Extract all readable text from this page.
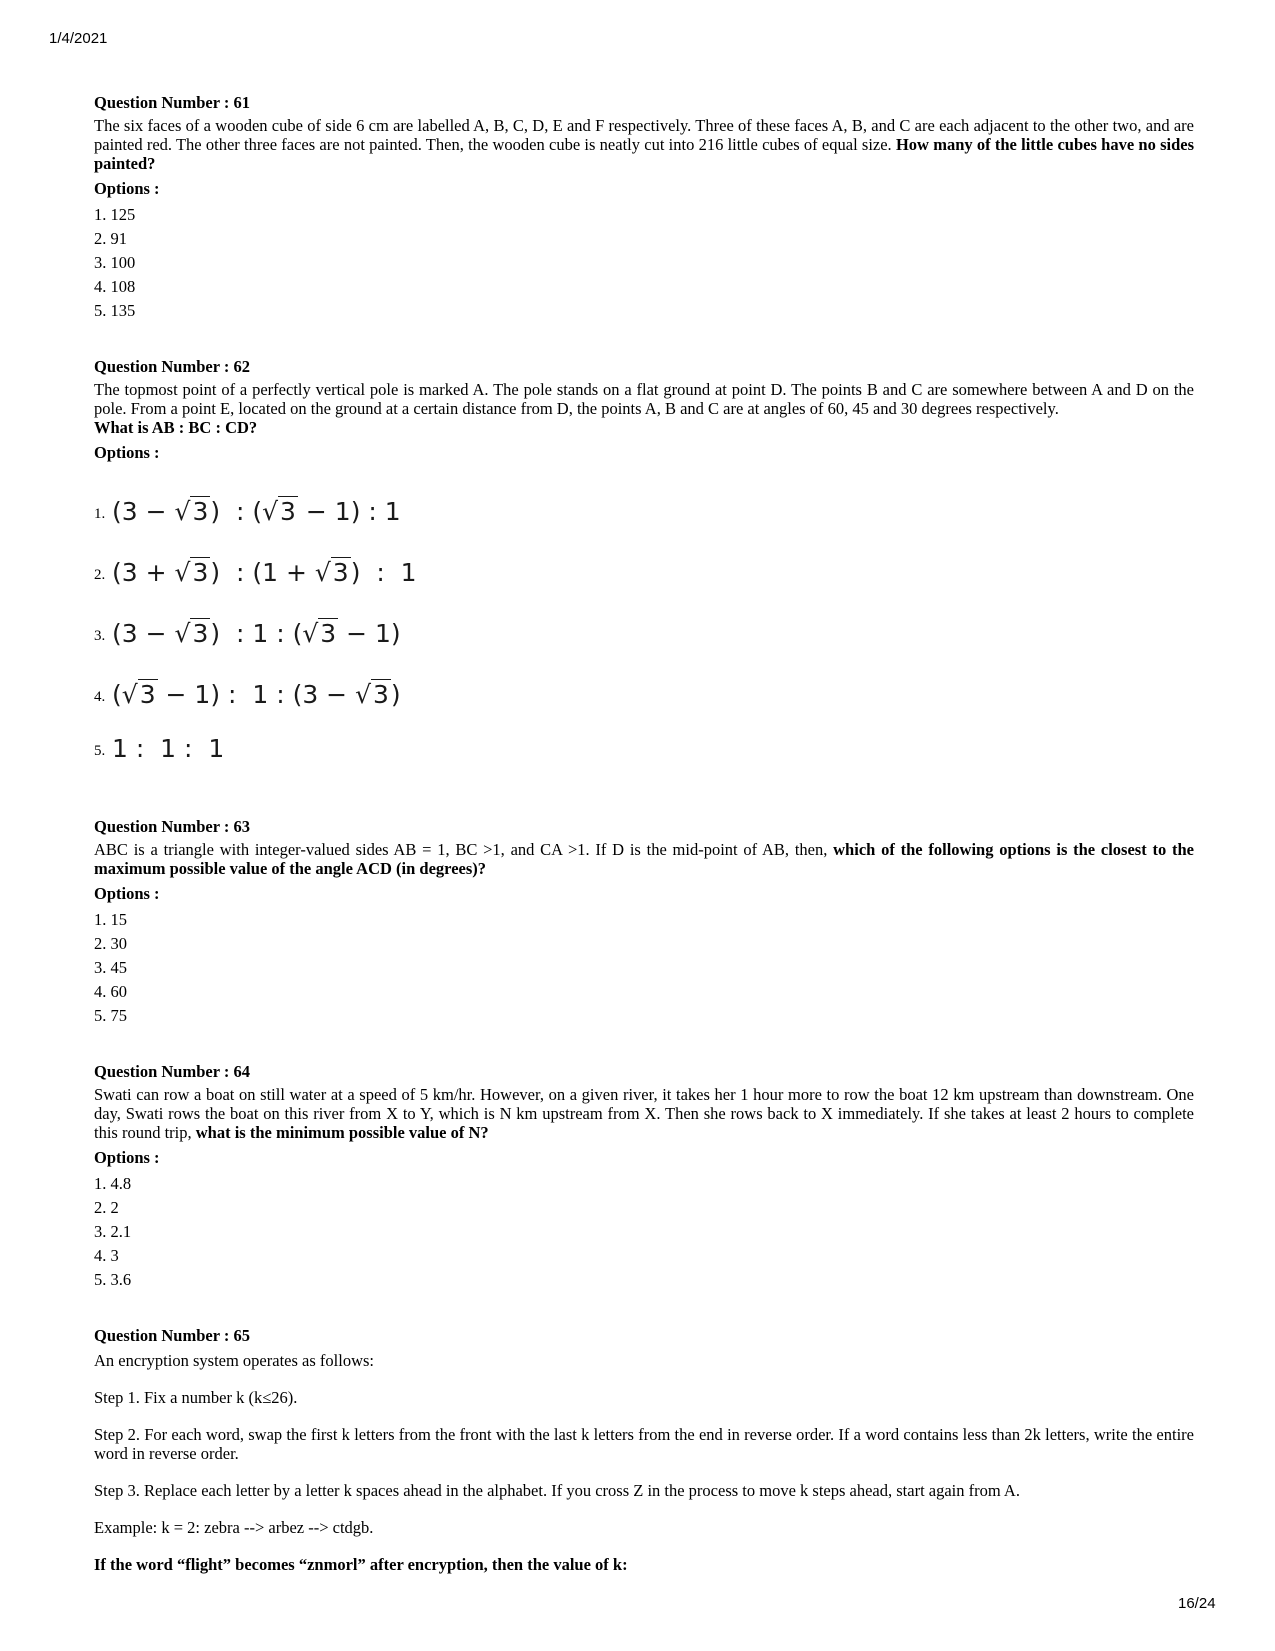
1/4/2021
Question Number : 61
The six faces of a wooden cube of side 6 cm are labelled A, B, C, D, E and F respectively. Three of these faces A, B, and C are each adjacent to the other two, and are painted red. The other three faces are not painted. Then, the wooden cube is neatly cut into 216 little cubes of equal size. How many of the little cubes have no sides painted?
Options :
1. 125
2. 91
3. 100
4. 108
5. 135
Question Number : 62
The topmost point of a perfectly vertical pole is marked A. The pole stands on a flat ground at point D. The points B and C are somewhere between A and D on the pole. From a point E, located on the ground at a certain distance from D, the points A, B and C are at angles of 60, 45 and 30 degrees respectively.
What is AB : BC : CD?
Options :
1. (3 − √3)  : (√3 − 1) : 1
2. (3 + √3)  : (1 + √3)  :  1
3. (3 − √3)  : 1 : (√3 − 1)
4. (√3 − 1) :  1 : (3 − √3)
5. 1 :  1 :  1
Question Number : 63
ABC is a triangle with integer-valued sides AB = 1, BC >1, and CA >1. If D is the mid-point of AB, then, which of the following options is the closest to the maximum possible value of the angle ACD (in degrees)?
Options :
1. 15
2. 30
3. 45
4. 60
5. 75
Question Number : 64
Swati can row a boat on still water at a speed of 5 km/hr. However, on a given river, it takes her 1 hour more to row the boat 12 km upstream than downstream. One day, Swati rows the boat on this river from X to Y, which is N km upstream from X. Then she rows back to X immediately. If she takes at least 2 hours to complete this round trip, what is the minimum possible value of N?
Options :
1. 4.8
2. 2
3. 2.1
4. 3
5. 3.6
Question Number : 65
An encryption system operates as follows:
Step 1. Fix a number k (k≤26).
Step 2. For each word, swap the first k letters from the front with the last k letters from the end in reverse order. If a word contains less than 2k letters, write the entire word in reverse order.
Step 3. Replace each letter by a letter k spaces ahead in the alphabet. If you cross Z in the process to move k steps ahead, start again from A.
Example: k = 2: zebra --> arbez --> ctdgb.
If the word “flight” becomes “znmorl” after encryption, then the value of k:
16/24
